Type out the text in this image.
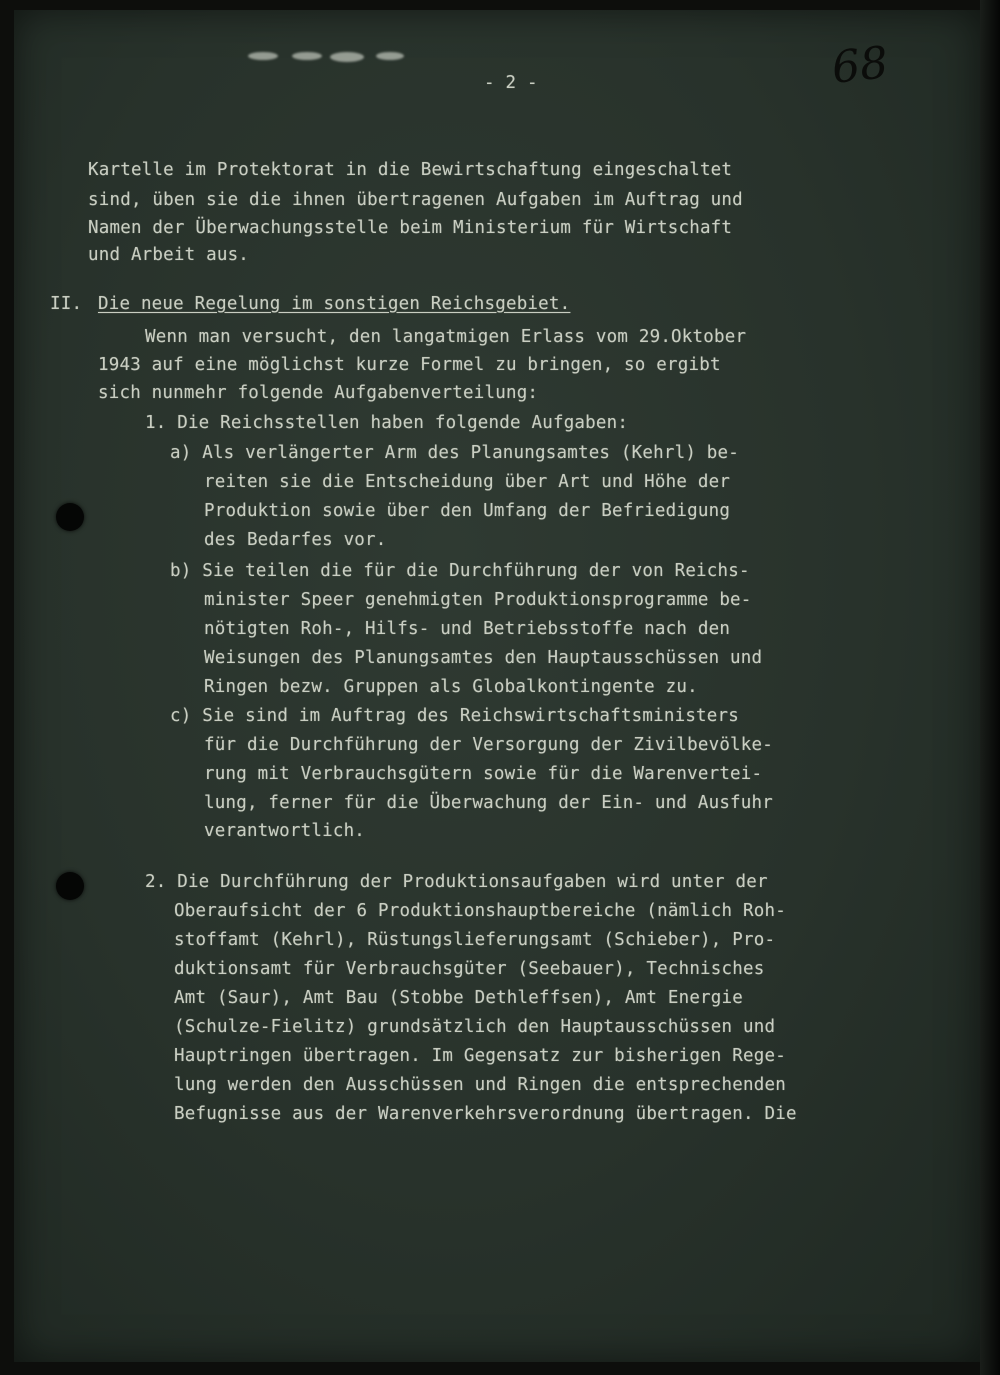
68
- 2 -
Kartelle im Protektorat in die Bewirtschaftung eingeschaltet
sind, üben sie die ihnen übertragenen Aufgaben im Auftrag und
Namen der Überwachungsstelle beim Ministerium für Wirtschaft
und Arbeit aus.
II. Die neue Regelung im sonstigen Reichsgebiet.
Wenn man versucht, den langatmigen Erlass vom 29.Oktober
1943 auf eine möglichst kurze Formel zu bringen, so ergibt
sich nunmehr folgende Aufgabenverteilung:
1. Die Reichsstellen haben folgende Aufgaben:
a) Als verlängerter Arm des Planungsamtes (Kehrl) be-
reiten sie die Entscheidung über Art und Höhe der
Produktion sowie über den Umfang der Befriedigung
des Bedarfes vor.
b) Sie teilen die für die Durchführung der von Reichs-
minister Speer genehmigten Produktionsprogramme be-
nötigten Roh-, Hilfs- und Betriebsstoffe nach den
Weisungen des Planungsamtes den Hauptausschüssen und
Ringen bezw. Gruppen als Globalkontingente zu.
c) Sie sind im Auftrag des Reichswirtschaftsministers
für die Durchführung der Versorgung der Zivilbevölke-
rung mit Verbrauchsgütern sowie für die Warenvertei-
lung, ferner für die Überwachung der Ein- und Ausfuhr
verantwortlich.
2. Die Durchführung der Produktionsaufgaben wird unter der
Oberaufsicht der 6 Produktionshauptbereiche (nämlich Roh-
stoffamt (Kehrl), Rüstungslieferungsamt (Schieber), Pro-
duktionsamt für Verbrauchsgüter (Seebauer), Technisches
Amt (Saur), Amt Bau (Stobbe Dethleffsen), Amt Energie
(Schulze-Fielitz) grundsätzlich den Hauptausschüssen und
Hauptringen übertragen. Im Gegensatz zur bisherigen Rege-
lung werden den Ausschüssen und Ringen die entsprechenden
Befugnisse aus der Warenverkehrsverordnung übertragen. Die
